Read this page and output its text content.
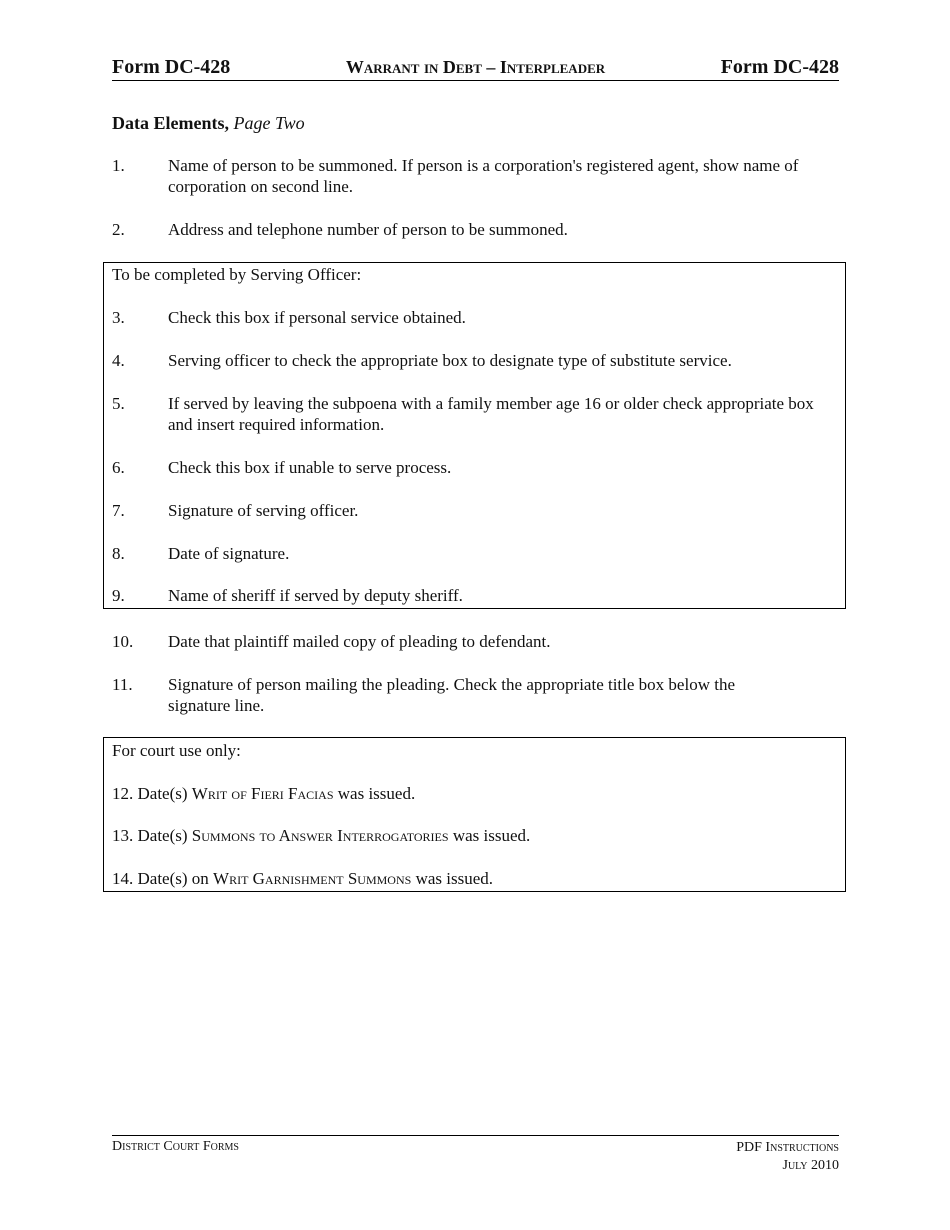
Form DC-428	Warrant in Debt – Interpleader	Form DC-428
Data Elements, Page Two
1.	Name of person to be summoned. If person is a corporation's registered agent, show name of corporation on second line.
2.	Address and telephone number of person to be summoned.
To be completed by Serving Officer:
3.	Check this box if personal service obtained.
4.	Serving officer to check the appropriate box to designate type of substitute service.
5.	If served by leaving the subpoena with a family member age 16 or older check appropriate box and insert required information.
6.	Check this box if unable to serve process.
7.	Signature of serving officer.
8.	Date of signature.
9.	Name of sheriff if served by deputy sheriff.
10. Date that plaintiff mailed copy of pleading to defendant.
11. Signature of person mailing the pleading. Check the appropriate title box below the signature line.
For court use only:
12. Date(s) Writ of Fieri Facias was issued.
13. Date(s) Summons to Answer Interrogatories was issued.
14. Date(s) on Writ Garnishment Summons was issued.
District Court Forms	PDF Instructions
July 2010
